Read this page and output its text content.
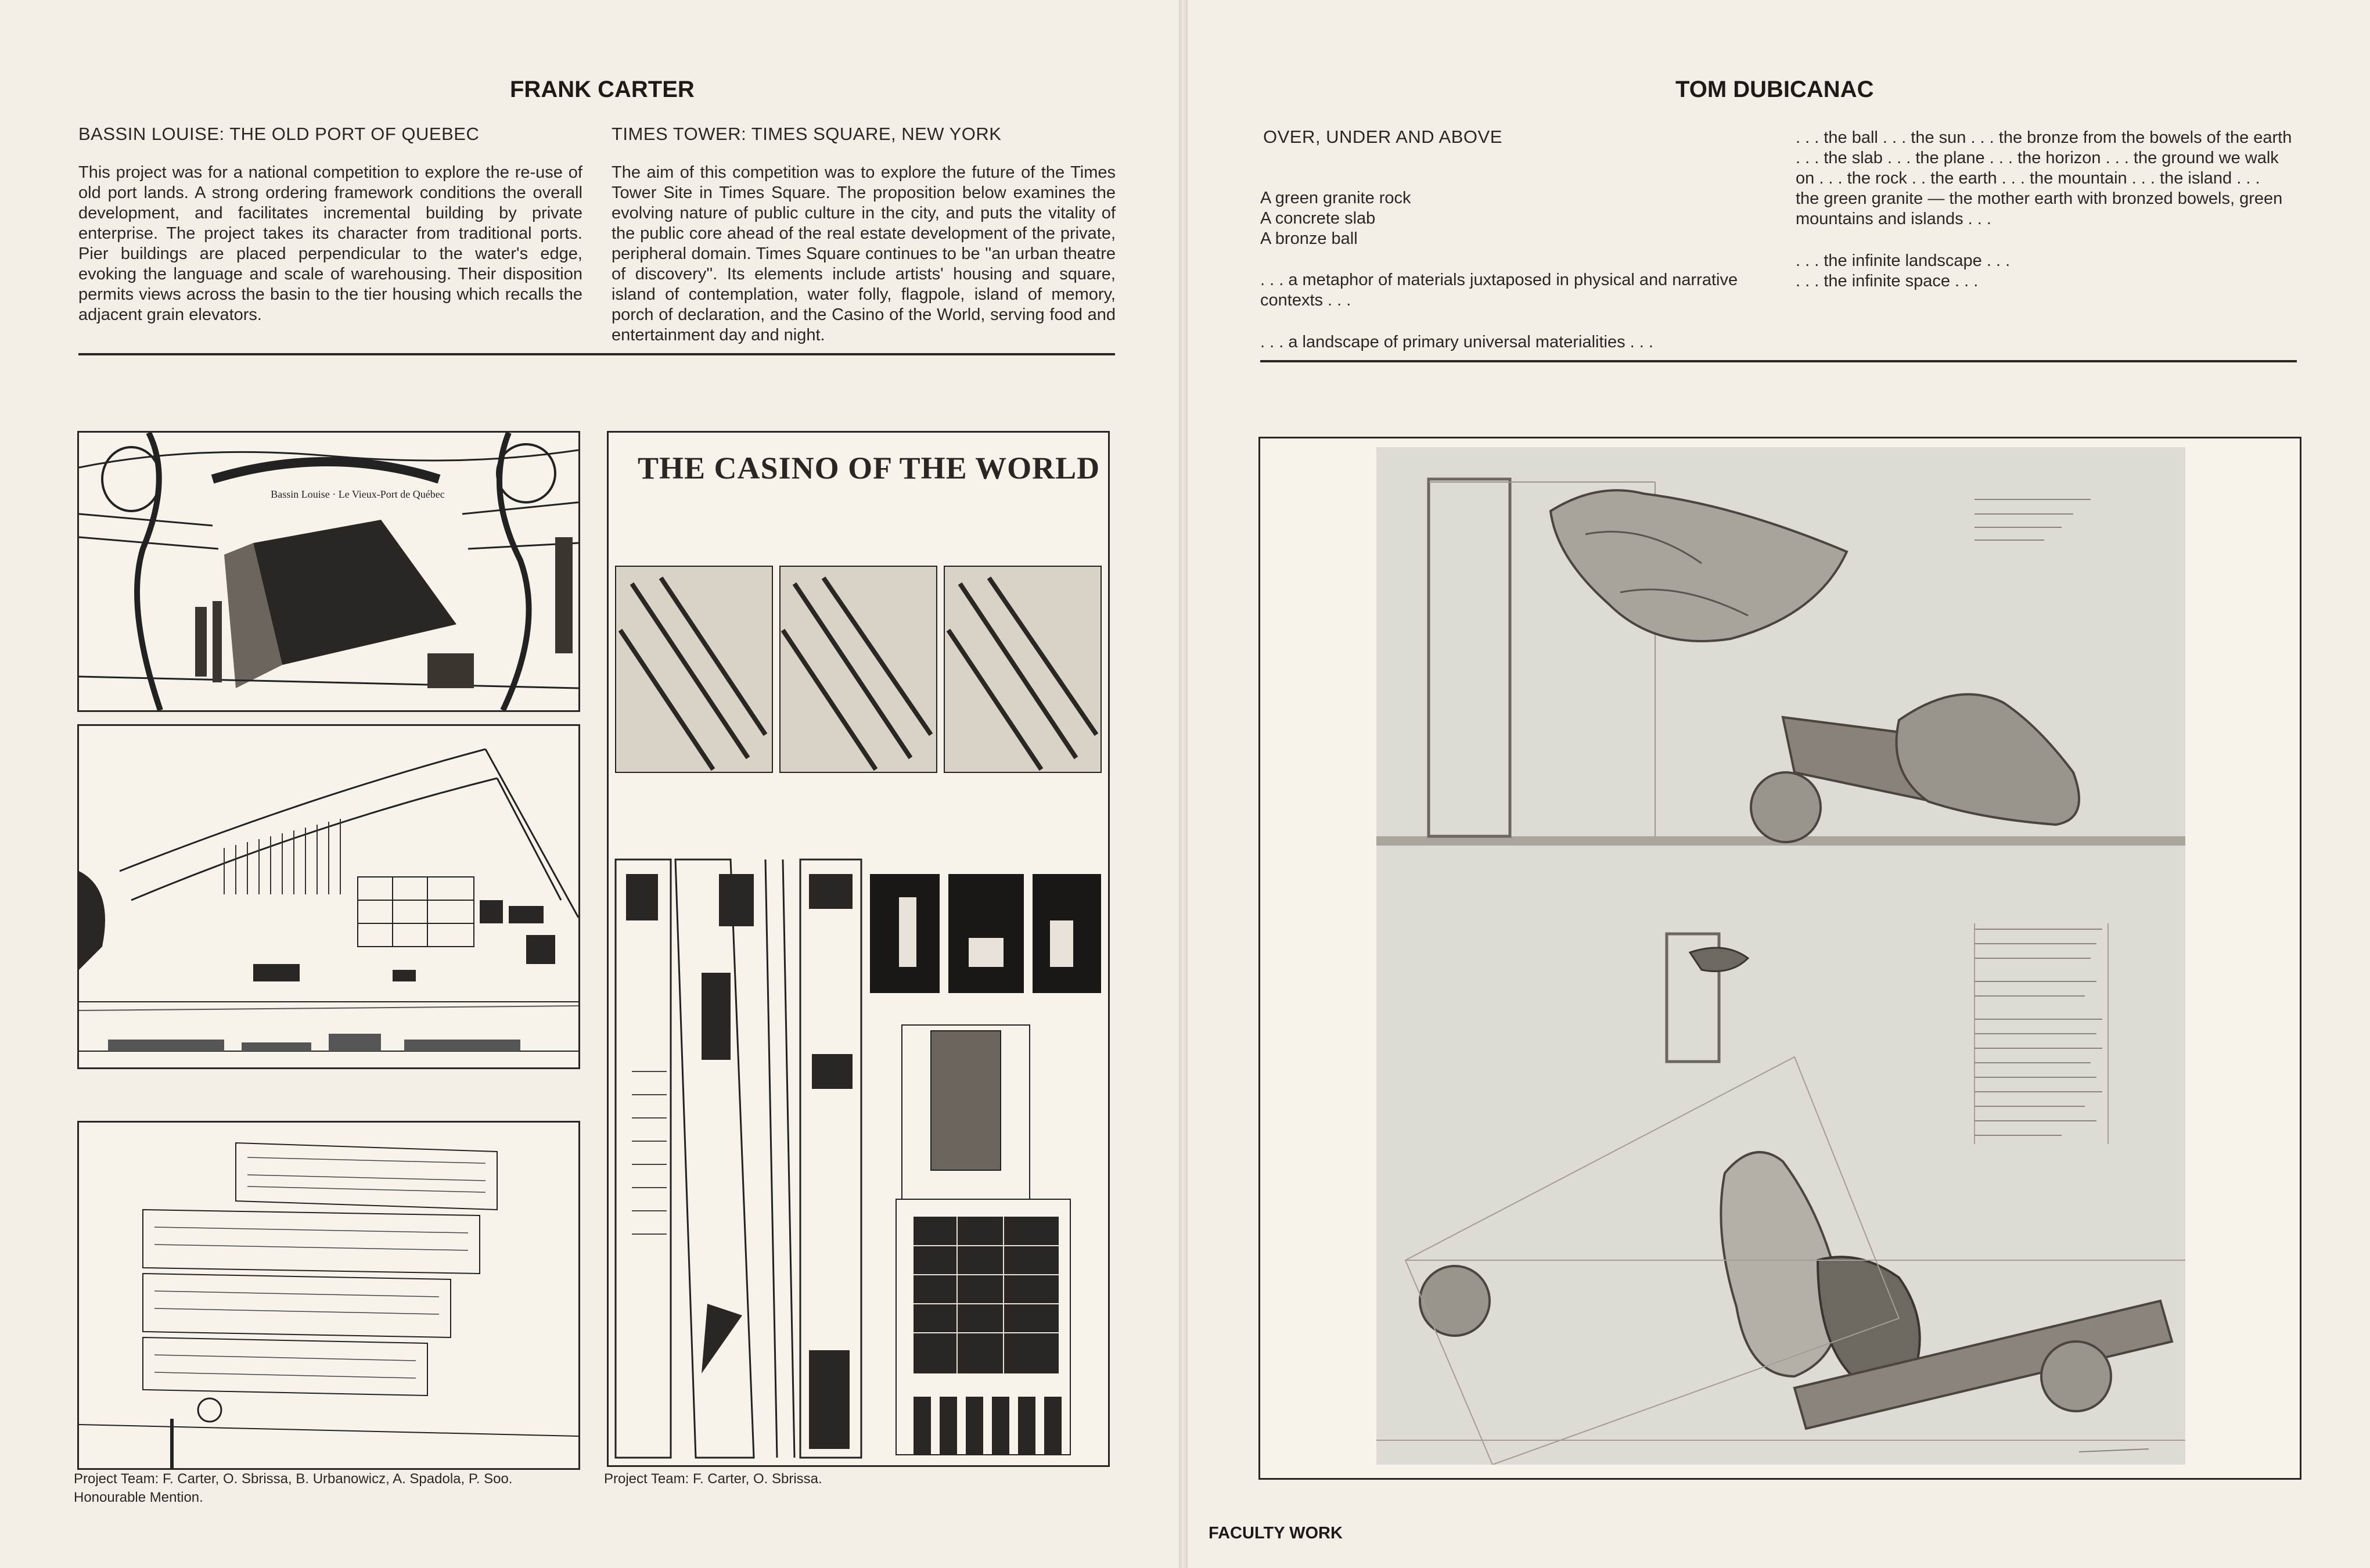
FRANK CARTER
BASSIN LOUISE: THE OLD PORT OF QUEBEC
This project was for a national competition to explore the re-use of old port lands. A strong ordering framework conditions the overall development, and facilitates incremental building by private enterprise. The project takes its character from traditional ports. Pier buildings are placed perpendicular to the water's edge, evoking the language and scale of warehousing. Their disposition permits views across the basin to the tier housing which recalls the adjacent grain elevators.
TIMES TOWER: TIMES SQUARE, NEW YORK
The aim of this competition was to explore the future of the Times Tower Site in Times Square. The proposition below examines the evolving nature of public culture in the city, and puts the vitality of the public core ahead of the real estate development of the private, peripheral domain. Times Square continues to be ''an urban theatre of discovery''. Its elements include artists' housing and square, island of contemplation, water folly, flagpole, island of memory, porch of declaration, and the Casino of the World, serving food and entertainment day and night.
Bassin Louise · Le Vieux-Port de Québec
Project Team: F. Carter, O. Sbrissa, B. Urbanowicz, A. Spadola, P. Soo.
Honourable Mention.
THE CASINO OF THE WORLD
Project Team: F. Carter, O. Sbrissa.
TOM DUBICANAC
OVER, UNDER AND ABOVE
A green granite rock
A concrete slab
A bronze ball
. . . a metaphor of materials juxtaposed in physical and narrative
contexts . . .
. . . a landscape of primary universal materialities . . .
. . . the ball . . . the sun . . . the bronze from the bowels of the earth
. . . the slab . . . the plane . . . the horizon . . . the ground we walk
on . . . the rock . . the earth . . . the mountain . . . the island . . .
the green granite — the mother earth with bronzed bowels, green
mountains and islands . . .
. . . the infinite landscape . . .
. . . the infinite space . . .
FACULTY WORK
